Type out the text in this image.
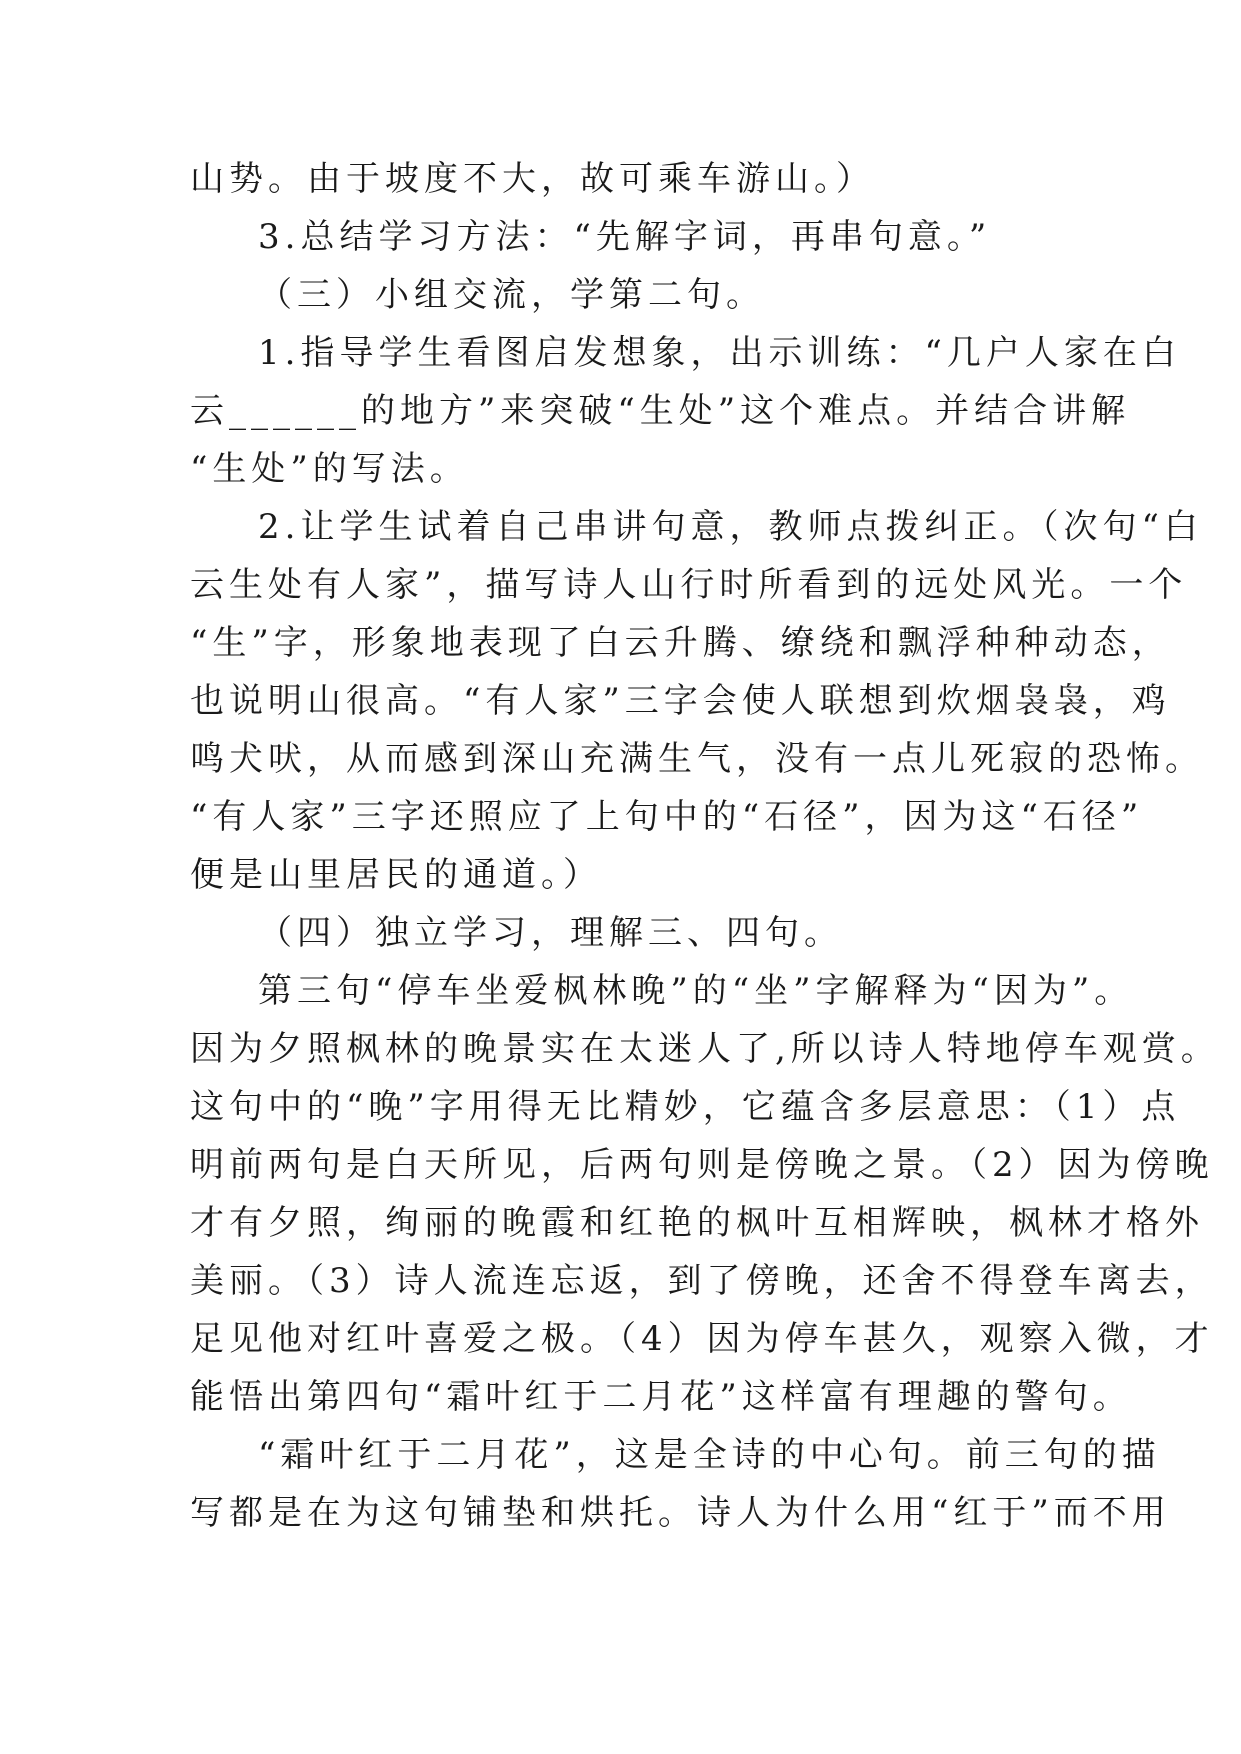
山势。由于坡度不大，故可乘车游山。）

3.总结学习方法：“先解字词，再串句意。”

（三）小组交流，学第二句。

1.指导学生看图启发想象，出示训练：“几户人家在白

云______的地方”来突破“生处”这个难点。并结合讲解

“生处”的写法。

2.让学生试着自己串讲句意，教师点拨纠正。（次句“白

云生处有人家”，描写诗人山行时所看到的远处风光。一个

“生”字，形象地表现了白云升腾、缭绕和飘浮种种动态，

也说明山很高。“有人家”三字会使人联想到炊烟袅袅，鸡

鸣犬吠，从而感到深山充满生气，没有一点儿死寂的恐怖。

“有人家”三字还照应了上句中的“石径”，因为这“石径”

便是山里居民的通道。）

（四）独立学习，理解三、四句。

第三句“停车坐爱枫林晚”的“坐”字解释为“因为”。

因为夕照枫林的晚景实在太迷人了,所以诗人特地停车观赏。

这句中的“晚”字用得无比精妙，它蕴含多层意思：（1）点

明前两句是白天所见，后两句则是傍晚之景。（2）因为傍晚

才有夕照，绚丽的晚霞和红艳的枫叶互相辉映，枫林才格外

美丽。（3）诗人流连忘返，到了傍晚，还舍不得登车离去，

足见他对红叶喜爱之极。（4）因为停车甚久，观察入微，才

能悟出第四句“霜叶红于二月花”这样富有理趣的警句。

“霜叶红于二月花”，这是全诗的中心句。前三句的描

写都是在为这句铺垫和烘托。诗人为什么用“红于”而不用
